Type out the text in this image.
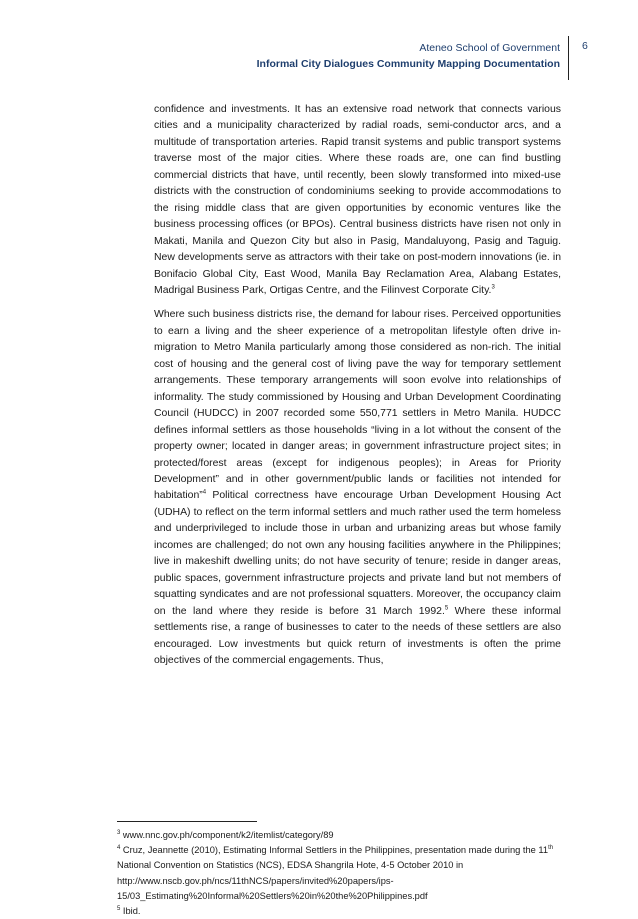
Ateneo School of Government
Informal City Dialogues Community Mapping Documentation
6

confidence and investments. It has an extensive road network that connects various cities and a municipality characterized by radial roads, semi-conductor arcs, and a multitude of transportation arteries. Rapid transit systems and public transport systems traverse most of the major cities. Where these roads are, one can find bustling commercial districts that have, until recently, been slowly transformed into mixed-use districts with the construction of condominiums seeking to provide accommodations to the rising middle class that are given opportunities by economic ventures like the business processing offices (or BPOs). Central business districts have risen not only in Makati, Manila and Quezon City but also in Pasig, Mandaluyong, Pasig and Taguig. New developments serve as attractors with their take on post-modern innovations (ie. in Bonifacio Global City, East Wood, Manila Bay Reclamation Area, Alabang Estates, Madrigal Business Park, Ortigas Centre, and the Filinvest Corporate City.$^3$

Where such business districts rise, the demand for labour rises. Perceived opportunities to earn a living and the sheer experience of a metropolitan lifestyle often drive in-migration to Metro Manila particularly among those considered as non-rich. The initial cost of housing and the general cost of living pave the way for temporary settlement arrangements. These temporary arrangements will soon evolve into relationships of informality. The study commissioned by Housing and Urban Development Coordinating Council (HUDCC) in 2007 recorded some 550,771 settlers in Metro Manila. HUDCC defines informal settlers as those households “living in a lot without the consent of the property owner; located in danger areas; in government infrastructure project sites; in protected/forest areas (except for indigenous peoples); in Areas for Priority Development” and in other government/public lands or facilities not intended for habitation”$^4$ Political correctness have encourage Urban Development Housing Act (UDHA) to reflect on the term informal settlers and much rather used the term homeless and underprivileged to include those in urban and urbanizing areas but whose family incomes are challenged; do not own any housing facilities anywhere in the Philippines; live in makeshift dwelling units; do not have security of tenure; reside in danger areas, public spaces, government infrastructure projects and private land but not members of squatting syndicates and are not professional squatters. Moreover, the occupancy claim on the land where they reside is before 31 March 1992.$^5$ Where these informal settlements rise, a range of businesses to cater to the needs of these settlers are also encouraged. Low investments but quick return of investments is often the prime objectives of the commercial engagements. Thus,

$^3$ www.nnc.gov.ph/component/k2/itemlist/category/89

$^4$ Cruz, Jeannette (2010), Estimating Informal Settlers in the Philippines, presentation made during the 11th National Convention on Statistics (NCS), EDSA Shangrila Hote, 4-5 October 2010 in http://www.nscb.gov.ph/ncs/11thNCS/papers/invited%20papers/ips-15/03_Estimating%20Informal%20Settlers%20in%20the%20Philippines.pdf

$^5$ Ibid.
